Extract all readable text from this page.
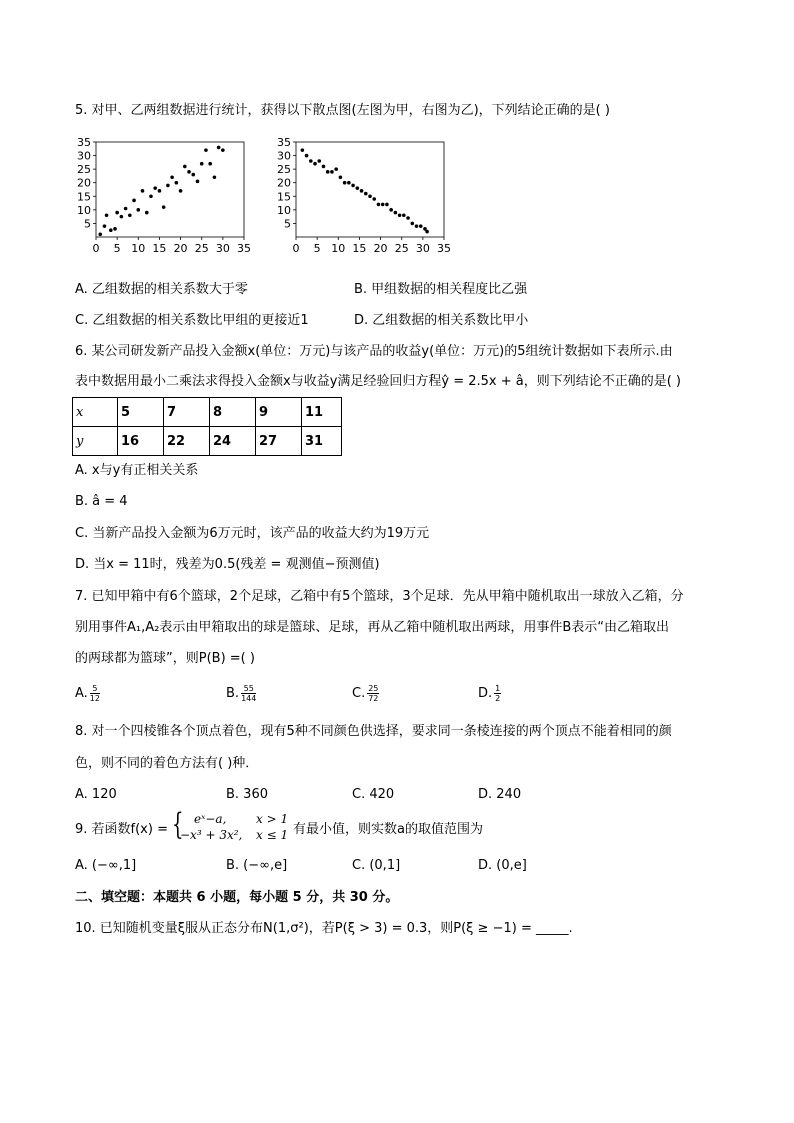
5. 对甲、乙两组数据进行统计，获得以下散点图(左图为甲，右图为乙)，下列结论正确的是( )
0 5 10 15 20 25 30 35
5
10
15
20
25
30
35
0 5 10 15 20 25 30 35
5
10
15
20
25
30
35
A. 乙组数据的相关系数大于零	B. 甲组数据的相关程度比乙强
C. 乙组数据的相关系数比甲组的更接近1	D. 乙组数据的相关系数比甲小
6. 某公司研发新产品投入金额x(单位：万元)与该产品的收益y(单位：万元)的5组统计数据如下表所示.由
表中数据用最小二乘法求得投入金额x与收益y满足经验回归方程ŷ = 2.5x + â，则下列结论不正确的是( )
x	5	7	8	9	11
y	16	22	24	27	31
A. x与y有正相关关系
B. â = 4
C. 当新产品投入金额为6万元时，该产品的收益大约为19万元
D. 当x = 11时，残差为0.5(残差 = 观测值−预测值)
7. 已知甲箱中有6个篮球，2个足球，乙箱中有5个篮球，3个足球．先从甲箱中随机取出一球放入乙箱，分
别用事件A₁,A₂表示由甲箱取出的球是篮球、足球，再从乙箱中随机取出两球，用事件B表示“由乙箱取出
的两球都为篮球”，则P(B) =( )
A. $\frac{5}{12}$	B. $\frac{55}{144}$	C. $\frac{25}{72}$	D. $\frac{1}{2}$
8. 对一个四棱锥各个顶点着色，现有5种不同颜色供选择，要求同一条棱连接的两个顶点不能着相同的颜
色，则不同的着色方法有( )种．
A. 120	B. 360	C. 420	D. 240
9. 若函数f(x) = { eˣ−a, x > 1
−x³ + 3x², x ≤ 1 有最小值，则实数a的取值范围为
A. (−∞,1]	B. (−∞,e]	C. (0,1]	D. (0,e]
二、填空题：本题共 6 小题，每小题 5 分，共 30 分。
10. 已知随机变量ξ服从正态分布N(1,σ²)，若P(ξ > 3) = 0.3，则P(ξ ≥ −1) = _____.
